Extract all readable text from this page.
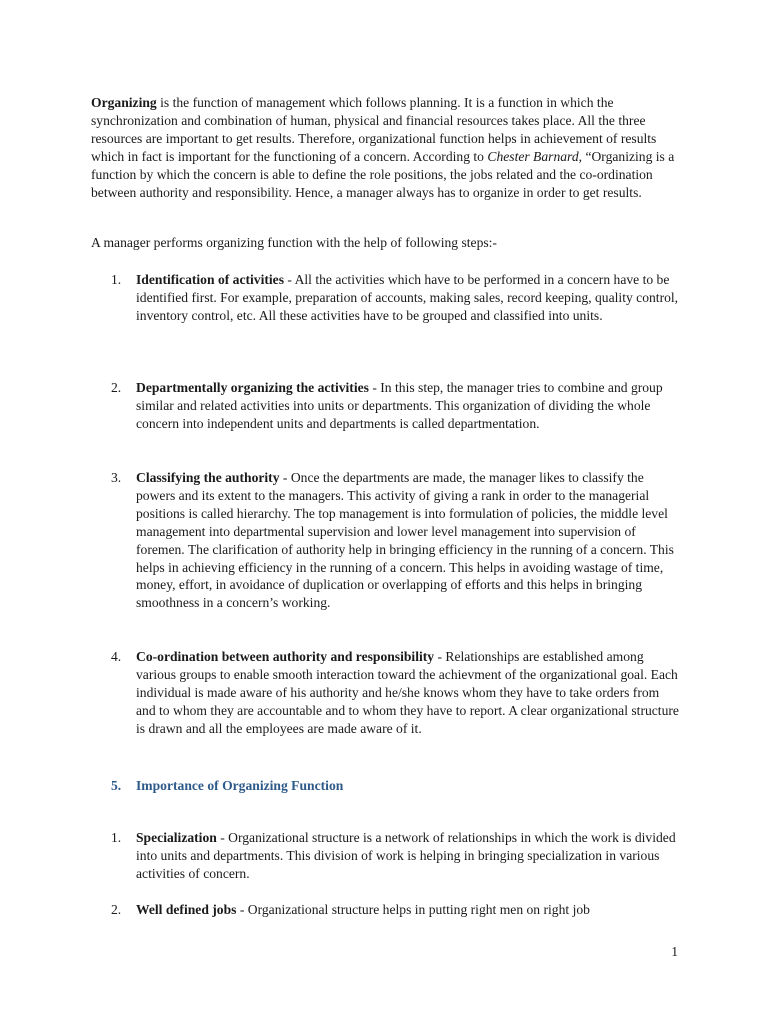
Organizing is the function of management which follows planning. It is a function in which the synchronization and combination of human, physical and financial resources takes place. All the three resources are important to get results. Therefore, organizational function helps in achievement of results which in fact is important for the functioning of a concern. According to Chester Barnard, “Organizing is a function by which the concern is able to define the role positions, the jobs related and the co-ordination between authority and responsibility. Hence, a manager always has to organize in order to get results.

A manager performs organizing function with the help of following steps:-

1.	Identification of activities - All the activities which have to be performed in a concern have to be identified first. For example, preparation of accounts, making sales, record keeping, quality control, inventory control, etc. All these activities have to be grouped and classified into units.
2.	Departmentally organizing the activities - In this step, the manager tries to combine and group similar and related activities into units or departments. This organization of dividing the whole concern into independent units and departments is called departmentation.
3.	Classifying the authority - Once the departments are made, the manager likes to classify the powers and its extent to the managers. This activity of giving a rank in order to the managerial positions is called hierarchy. The top management is into formulation of policies, the middle level management into departmental supervision and lower level management into supervision of foremen. The clarification of authority help in bringing efficiency in the running of a concern. This helps in achieving efficiency in the running of a concern. This helps in avoiding wastage of time, money, effort, in avoidance of duplication or overlapping of efforts and this helps in bringing smoothness in a concern’s working.
4.	Co-ordination between authority and responsibility - Relationships are established among various groups to enable smooth interaction toward the achievment of the organizational goal. Each individual is made aware of his authority and he/she knows whom they have to take orders from and to whom they are accountable and to whom they have to report. A clear organizational structure is drawn and all the employees are made aware of it.
5.	Importance of Organizing Function
1.	Specialization - Organizational structure is a network of relationships in which the work is divided into units and departments. This division of work is helping in bringing specialization in various activities of concern.
2.	Well defined jobs - Organizational structure helps in putting right men on right job
1
